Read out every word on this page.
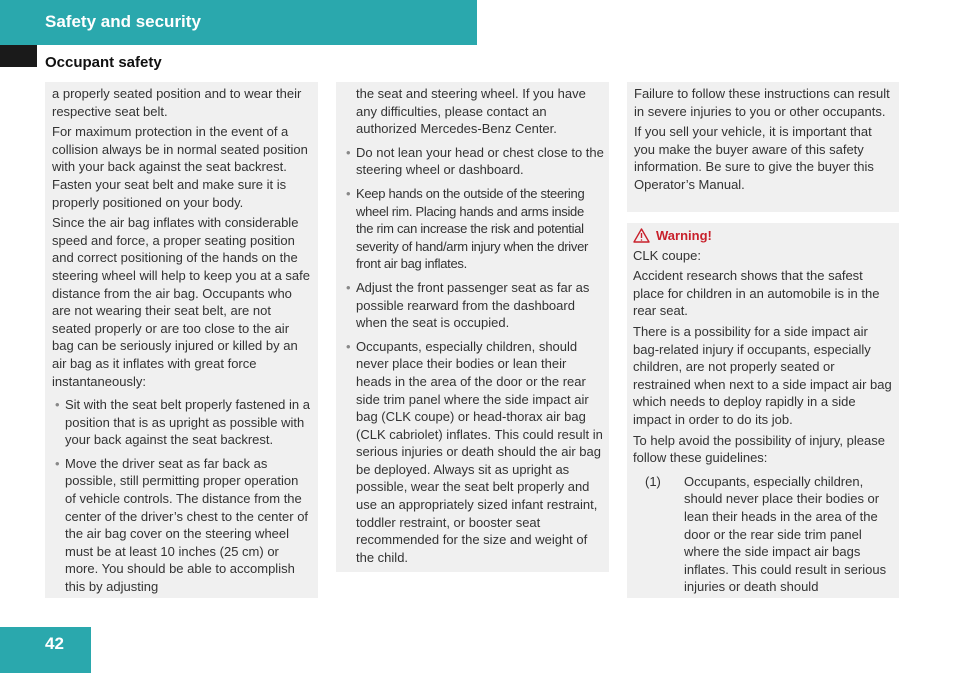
Safety and security
Occupant safety

a properly seated position and to wear their respective seat belt.

For maximum protection in the event of a collision always be in normal seated position with your back against the seat backrest. Fasten your seat belt and make sure it is properly positioned on your body.

Since the air bag inflates with considerable speed and force, a proper seating position and correct positioning of the hands on the steering wheel will help to keep you at a safe distance from the air bag. Occupants who are not wearing their seat belt, are not seated properly or are too close to the air bag can be seriously injured or killed by an air bag as it inflates with great force instantaneously:

• Sit with the seat belt properly fastened in a position that is as upright as possible with your back against the seat backrest.
• Move the driver seat as far back as possible, still permitting proper operation of vehicle controls. The distance from the center of the driver’s chest to the center of the air bag cover on the steering wheel must be at least 10 inches (25 cm) or more. You should be able to accomplish this by adjusting

the seat and steering wheel. If you have any difficulties, please contact an authorized Mercedes-Benz Center.

• Do not lean your head or chest close to the steering wheel or dashboard.
• Keep hands on the outside of the steering wheel rim. Placing hands and arms inside the rim can increase the risk and potential severity of hand/arm injury when the driver front air bag inflates.
• Adjust the front passenger seat as far as possible rearward from the dashboard when the seat is occupied.
• Occupants, especially children, should never place their bodies or lean their heads in the area of the door or the rear side trim panel where the side impact air bag (CLK coupe) or head-thorax air bag (CLK cabriolet) inflates. This could result in serious injuries or death should the air bag be deployed. Always sit as upright as possible, wear the seat belt properly and use an appropriately sized infant restraint, toddler restraint, or booster seat recommended for the size and weight of the child.

Failure to follow these instructions can result in severe injuries to you or other occupants.

If you sell your vehicle, it is important that you make the buyer aware of this safety information. Be sure to give the buyer this Operator’s Manual.

Warning!

CLK coupe:

Accident research shows that the safest place for children in an automobile is in the rear seat.

There is a possibility for a side impact air bag-related injury if occupants, especially children, are not properly seated or restrained when next to a side impact air bag which needs to deploy rapidly in a side impact in order to do its job.

To help avoid the possibility of injury, please follow these guidelines:

(1)	Occupants, especially children, should never place their bodies or lean their heads in the area of the door or the rear side trim panel where the side impact air bags inflates. This could result in serious injuries or death should
42
